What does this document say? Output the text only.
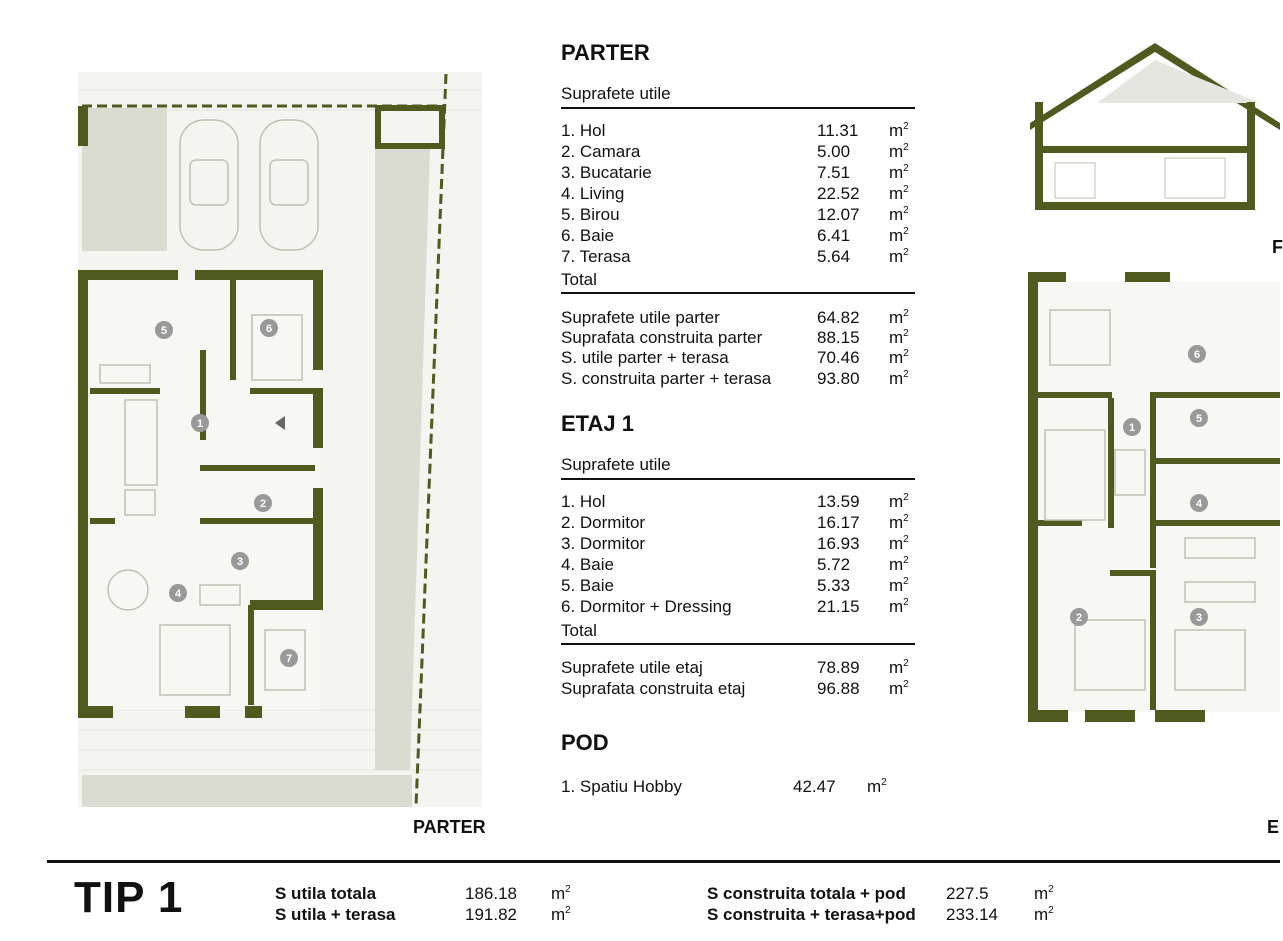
1
2
3
4
5	6
7
PARTER
F
1
2	3
4
5
6
E
PARTER
Suprafete utile
1. Hol	11.31 $m^2$
2. Camara	5.00 $m^2$
3. Bucatarie	7.51 $m^2$
4. Living	22.52 $m^2$
5. Birou	12.07 $m^2$
6. Baie	6.41 $m^2$
7. Terasa	5.64 $m^2$
Total
Suprafete utile parter	64.82 $m^2$
Suprafata construita parter	88.15 $m^2$
S. utile parter + terasa	70.46 $m^2$
S. construita parter + terasa	93.80 $m^2$
ETAJ 1
Suprafete utile
1. Hol	13.59 $m^2$
2. Dormitor	16.17 $m^2$
3. Dormitor	16.93 $m^2$
4. Baie	5.72 $m^2$
5. Baie	5.33 $m^2$
6. Dormitor + Dressing	21.15 $m^2$
Total
Suprafete utile etaj	78.89 $m^2$
Suprafata construita etaj	96.88 $m^2$
POD
1. Spatiu Hobby	42.47 $m^2$
TIP 1	S utila totala	186.18 $m^2$
S utila + terasa	191.82 $m^2$
S construita totala + pod 227.5	$m^2$
S construita + terasa+pod 233.14 $m^2$
